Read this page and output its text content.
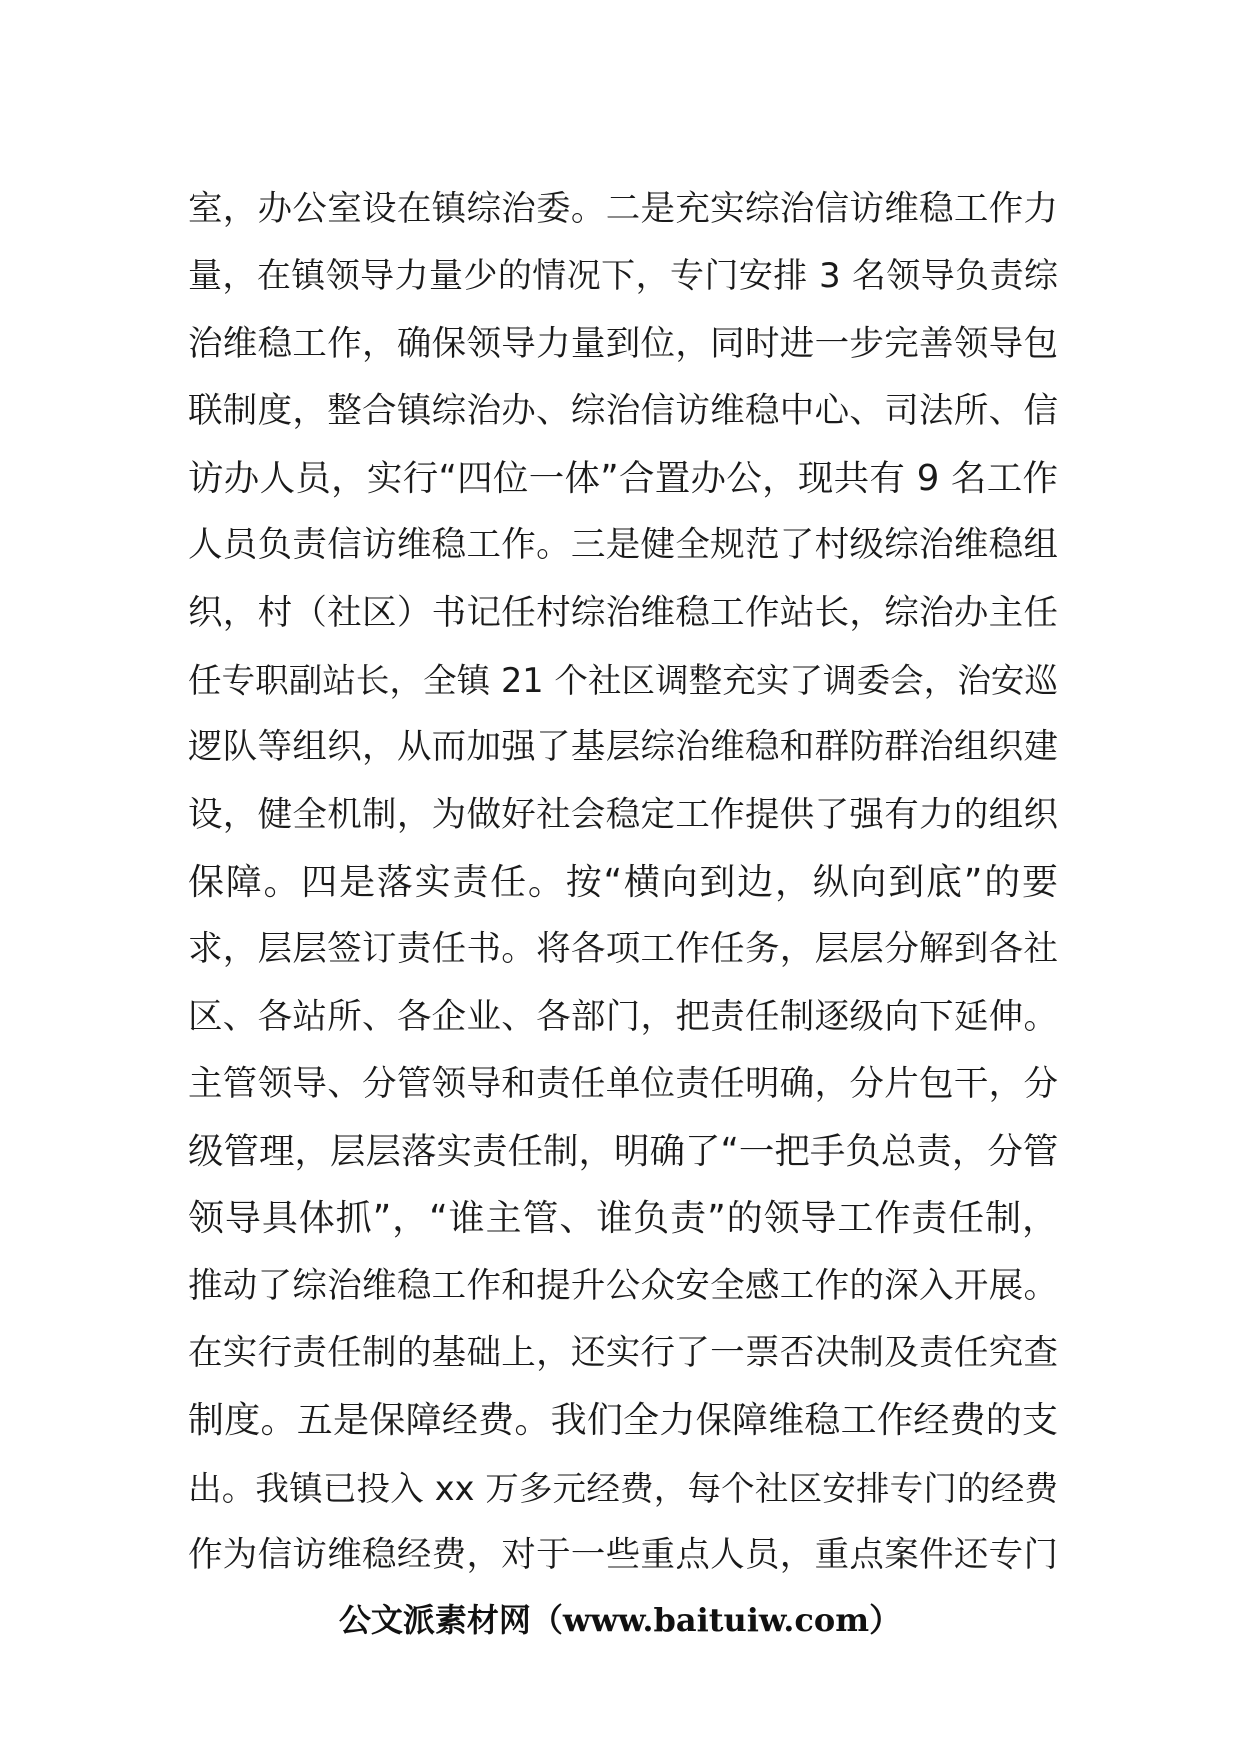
室，办公室设在镇综治委。二是充实综治信访维稳工作力
量，在镇领导力量少的情况下，专门安排 3 名领导负责综
治维稳工作，确保领导力量到位，同时进一步完善领导包
联制度，整合镇综治办、综治信访维稳中心、司法所、信
访办人员，实行“四位一体”合置办公，现共有 9 名工作
人员负责信访维稳工作。三是健全规范了村级综治维稳组
织，村（社区）书记任村综治维稳工作站长，综治办主任
任专职副站长，全镇 21 个社区调整充实了调委会，治安巡
逻队等组织，从而加强了基层综治维稳和群防群治组织建
设，健全机制，为做好社会稳定工作提供了强有力的组织
保障。四是落实责任。按“横向到边，纵向到底”的要
求，层层签订责任书。将各项工作任务，层层分解到各社
区、各站所、各企业、各部门，把责任制逐级向下延伸。
主管领导、分管领导和责任单位责任明确，分片包干，分
级管理，层层落实责任制，明确了“一把手负总责，分管
领导具体抓”，“谁主管、谁负责”的领导工作责任制，
推动了综治维稳工作和提升公众安全感工作的深入开展。
在实行责任制的基础上，还实行了一票否决制及责任究查
制度。五是保障经费。我们全力保障维稳工作经费的支
出。我镇已投入 xx 万多元经费，每个社区安排专门的经费
作为信访维稳经费，对于一些重点人员，重点案件还专门
公文派素材网（www.baituiw.com）
